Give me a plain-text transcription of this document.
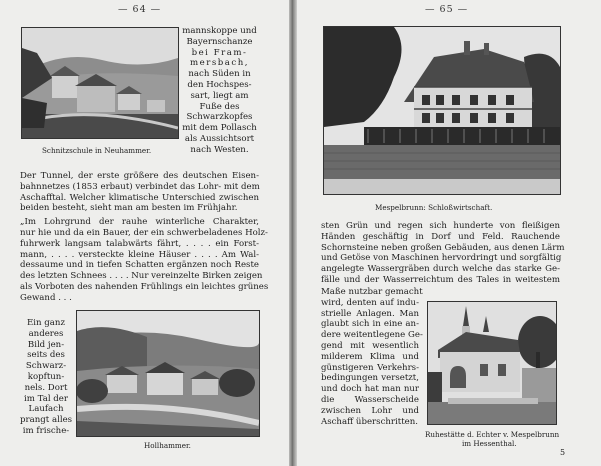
— 64 —
Schnitzschule in Neuhammer.
mannskoppe und
Bayernschanze
bei Fram-
mersbach,
nach Süden in
den Hochspes-
sart, liegt am
Fuße des
Schwarzkopfes
mit dem Pollasch
als Aussichtsort
nach Westen.
Der Tunnel, der erste größere des deutschen Eisen-
bahnnetzes (1853 erbaut) verbindet das Lohr- mit dem
Aschafftal. Welcher klimatische Unterschied zwischen
beiden besteht, sieht man am besten im Frühjahr.
„Im Lohrgrund der rauhe winterliche Charakter,
nur hie und da ein Bauer, der ein schwerbeladenes Holz-
fuhrwerk langsam talabwärts fährt, . . . . ein Forst-
mann, . . . . versteckte kleine Häuser . . . . Am Wal-
dessaume und in tiefen Schatten ergänzen noch Reste
des letzten Schnees . . . . Nur vereinzelte Birken zeigen
als Vorboten des nahenden Frühlings ein leichtes grünes
Gewand . . .
Ein ganz
anderes
Bild jen-
seits des
Schwarz-
kopftun-
nels. Dort
im Tal der
Laufach
prangt alles
im frische-
Hollhammer.
— 65 —
Mespelbrunn: Schloßwirtschaft.
sten Grün und regen sich hunderte von fleißigen
Händen geschäftig in Dorf und Feld. Rauchende
Schornsteine neben großen Gebäuden, aus denen Lärm
und Getöse von Maschinen hervordringt und sorgfältig
angelegte Wassergräben durch welche das starke Ge-
fälle und der Wasserreichtum des Tales in weitestem
Maße nutzbar gemacht
wird, denten auf indu-
strielle Anlagen. Man
glaubt sich in eine an-
dere weitentlegene Ge-
gend mit wesentlich
milderem Klima und
günstigeren Verkehrs-
bedingungen versetzt,
und doch hat man nur
die Wasserscheide
zwischen Lohr und
Aschaff überschritten.
Ruhestätte d. Echter v. Mespelbrunn
im Hessenthal.
5
